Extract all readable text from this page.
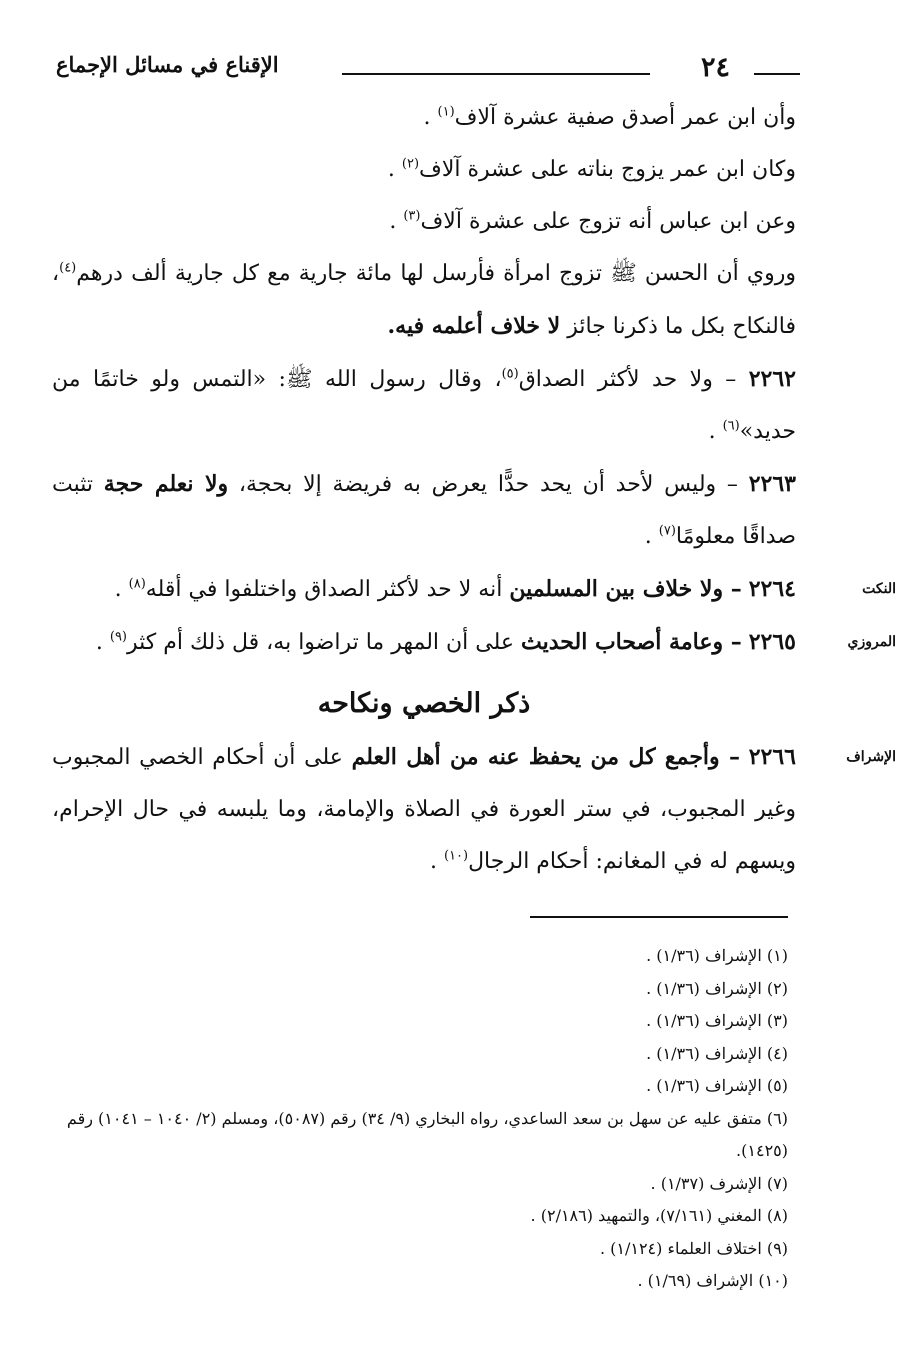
٢٤
الإقناع في مسائل الإجماع

وأن ابن عمر أصدق صفية عشرة آلاف$^{(١)}$ .

وكان ابن عمر يزوج بناته على عشرة آلاف$^{(٢)}$ .

وعن ابن عباس أنه تزوج على عشرة آلاف$^{(٣)}$ .

وروي أن الحسن ﷺ تزوج امرأة فأرسل لها مائة جارية مع كل جارية ألف درهم$^{(٤)}$، فالنكاح بكل ما ذكرنا جائز لا خلاف أعلمه فيه.

٢٢٦٢ – ولا حد لأكثر الصداق$^{(٥)}$، وقال رسول الله ﷺ: «التمس ولو خاتمًا من حديد»$^{(٦)}$ .

٢٢٦٣ – وليس لأحد أن يحد حدًّا يعرض به فريضة إلا بحجة، ولا نعلم حجة تثبت صداقًا معلومًا$^{(٧)}$ .

النكت
٢٢٦٤ – ولا خلاف بين المسلمين أنه لا حد لأكثر الصداق واختلفوا في أقله$^{(٨)}$ .

المروزي
٢٢٦٥ – وعامة أصحاب الحديث على أن المهر ما تراضوا به، قل ذلك أم كثر$^{(٩)}$ .

ذكر الخصي ونكاحه

الإشراف
٢٢٦٦ – وأجمع كل من يحفظ عنه من أهل العلم على أن أحكام الخصي المجبوب وغير المجبوب، في ستر العورة في الصلاة والإمامة، وما يلبسه في حال الإحرام، ويسهم له في المغانم: أحكام الرجال$^{(١٠)}$ .

(١) الإشراف (١/٣٦) .

(٢) الإشراف (١/٣٦) .

(٣) الإشراف (١/٣٦) .

(٤) الإشراف (١/٣٦) .

(٥) الإشراف (١/٣٦) .

(٦) متفق عليه عن سهل بن سعد الساعدي، رواه البخاري (٩/ ٣٤) رقم (٥٠٨٧)، ومسلم (٢/ ١٠٤٠ – ١٠٤١) رقم (١٤٢٥).

(٧) الإشرف (١/٣٧) .

(٨) المغني (٧/١٦١)، والتمهيد (٢/١٨٦) .

(٩) اختلاف العلماء (١/١٢٤) .

(١٠) الإشراف (١/٦٩) .
